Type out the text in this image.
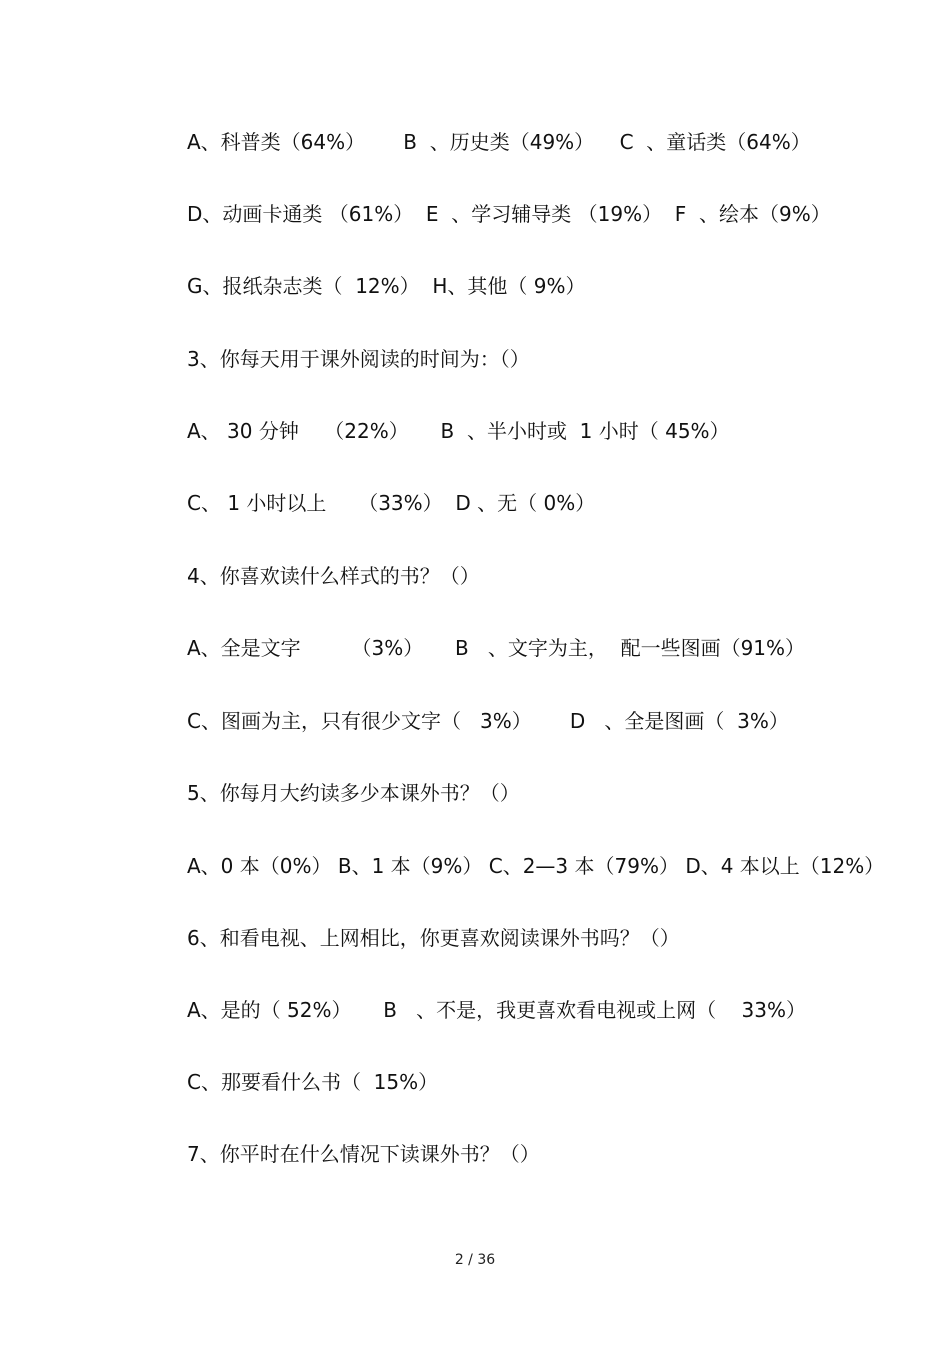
A、科普类（64%）      B  、历史类（49%）    C  、童话类（64%）
D、动画卡通类 （61%）  E  、学习辅导类 （19%）  F  、绘本（9%）
G、报纸杂志类（  12%）  H、其他（ 9%）
3、你每天用于课外阅读的时间为：（）
A、 30 分钟    （22%）     B  、半小时或  1 小时（ 45%）
C、 1 小时以上     （33%）  D 、无（ 0%）
4、你喜欢读什么样式的书？（）
A、全是文字        （3%）     B   、文字为主，  配一些图画（91%）
C、图画为主，只有很少文字（   3%）      D   、全是图画（  3%）
5、你每月大约读多少本课外书？（）
A、0 本（0%） B、1 本（9%） C、2—3 本（79%） D、4 本以上（12%）
6、和看电视、上网相比，你更喜欢阅读课外书吗？（）
A、是的（ 52%）     B   、不是，我更喜欢看电视或上网（    33%）
C、那要看什么书（  15%）
7、你平时在什么情况下读课外书？（）
2 / 36
